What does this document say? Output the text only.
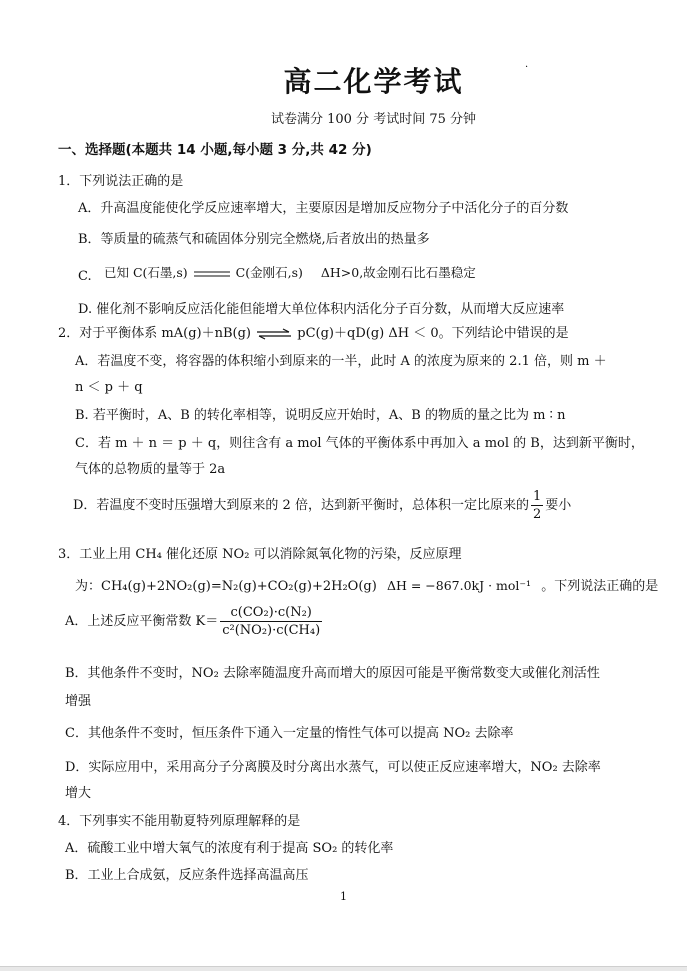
高二化学考试	·
试卷满分 100 分 考试时间 75 分钟
一、选择题(本题共 14 小题,每小题 3 分,共 42 分)
1．下列说法正确的是
A．升高温度能使化学反应速率增大，主要原因是增加反应物分子中活化分子的百分数
B．等质量的硫蒸气和硫固体分别完全燃烧,后者放出的热量多
C. 已知 C(石墨,s)	C(金刚石,s) ΔH>0,故金刚石比石墨稳定
D. 催化剂不影响反应活化能但能增大单位体积内活化分子百分数，从而增大反应速率
2．对于平衡体系 mA(g)＋nB(g) ⇌ pC(g)＋qD(g) ΔH ＜ 0。下列结论中错误的是
A．若温度不变，将容器的体积缩小到原来的一半，此时 A 的浓度为原来的 2.1 倍，则 m ＋
n ＜ p ＋ q
B. 若平衡时，A、B 的转化率相等，说明反应开始时，A、B 的物质的量之比为 m ∶ n
C．若 m ＋ n ＝ p ＋ q，则往含有 a mol 气体的平衡体系中再加入 a mol 的 B，达到新平衡时，
气体的总物质的量等于 2a
D．若温度不变时压强增大到原来的 2 倍，达到新平衡时，总体积一定比原来的 $\frac{1}{2}$ 要小
3．工业上用 CH₄ 催化还原 NO₂ 可以消除氮氧化物的污染，反应原理
为：CH₄(g)+2NO₂(g)=N₂(g)+CO₂(g)+2H₂O(g) ΔH = −867.0kJ · mol⁻¹ 。下列说法正确的是
A．上述反应平衡常数 $K= \frac{\text{c(CO₂)·c(N₂)}}{\text{c²(NO₂)·c(CH₄)}}$
B．其他条件不变时，NO₂ 去除率随温度升高而增大的原因可能是平衡常数变大或催化剂活性
增强
C．其他条件不变时，恒压条件下通入一定量的惰性气体可以提高 NO₂ 去除率
D．实际应用中，采用高分子分离膜及时分离出水蒸气，可以使正反应速率增大，NO₂ 去除率
增大
4．下列事实不能用勒夏特列原理解释的是
A．硫酸工业中增大氧气的浓度有利于提高 SO₂ 的转化率
B．工业上合成氨，反应条件选择高温高压
1
